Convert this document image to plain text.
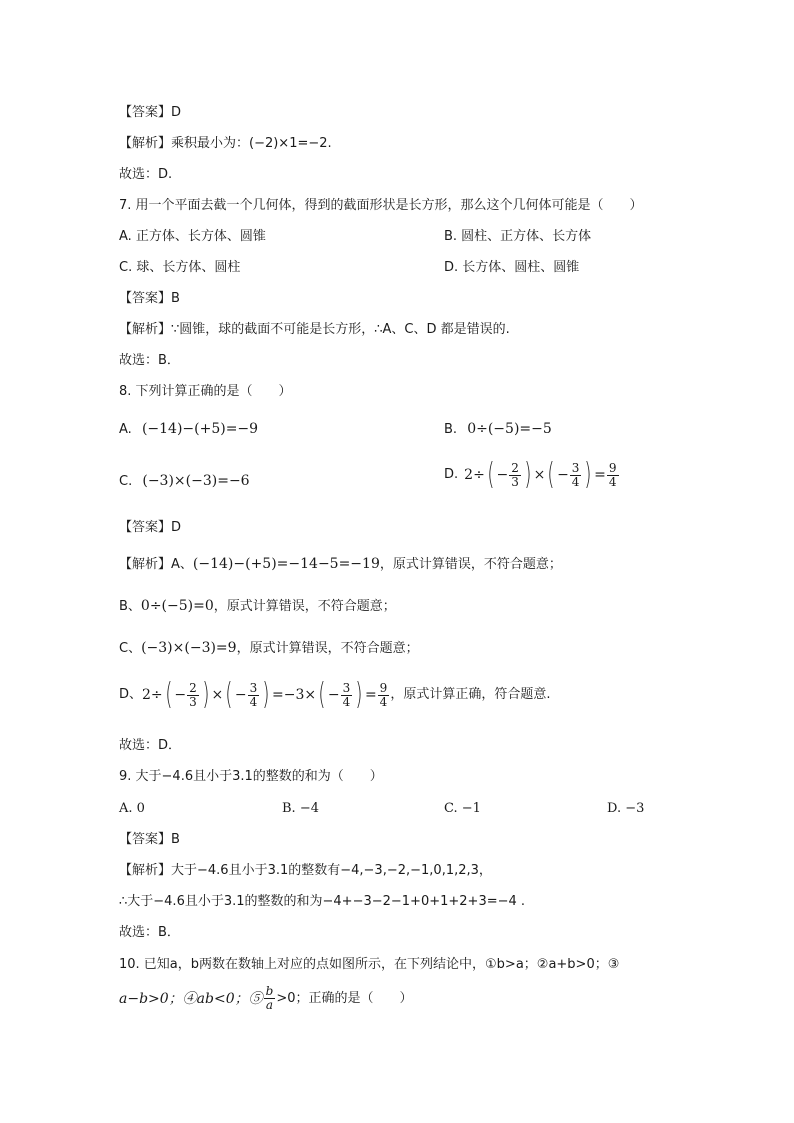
【答案】D
【解析】乘积最小为：(−2)×1=−2.
故选：D.
7. 用一个平面去截一个几何体，得到的截面形状是长方形，那么这个几何体可能是（　　）
A. 正方体、长方体、圆锥	B. 圆柱、正方体、长方体
C. 球、长方体、圆柱	D. 长方体、圆柱、圆锥
【答案】B
【解析】∵圆锥，球的截面不可能是长方形，∴A、C、D 都是错误的.
故选：B．
8. 下列计算正确的是（　　）
A. (−14)−(+5)=−9	B. 0÷(−5)=−5
C. (−3)×(−3)=−6	D. 2÷ ( − $\frac{2}{3}$ ) × ( − $\frac{3}{4}$ ) = $\frac{9}{4}$
【答案】D
【解析】A、(−14)−(+5)=−14−5=−19，原式计算错误，不符合题意；
B、0÷(−5)=0，原式计算错误，不符合题意；
C、(−3)×(−3)=9，原式计算错误，不符合题意；
D、 2÷ ( − $\frac{2}{3}$ ) × ( − $\frac{3}{4}$ ) =−3× ( − $\frac{3}{4}$ ) = $\frac{9}{4}$ ，原式计算正确，符合题意.
故选：D．
9. 大于−4.6且小于3.1的整数的和为（　　）
A. 0	B. −4	C. −1	D. −3
【答案】B
【解析】大于−4.6且小于3.1的整数有−4,−3,−2,−1,0,1,2,3，
∴大于−4.6且小于3.1的整数的和为−4+−3−2−1+0+1+2+3=−4 .
故选：B．
10. 已知a，b两数在数轴上对应的点如图所示，在下列结论中，①b>a；②a+b>0；③
a−b>0；④ab<0；⑤ $\frac{b}{a} >0$；正确的是（　　）
